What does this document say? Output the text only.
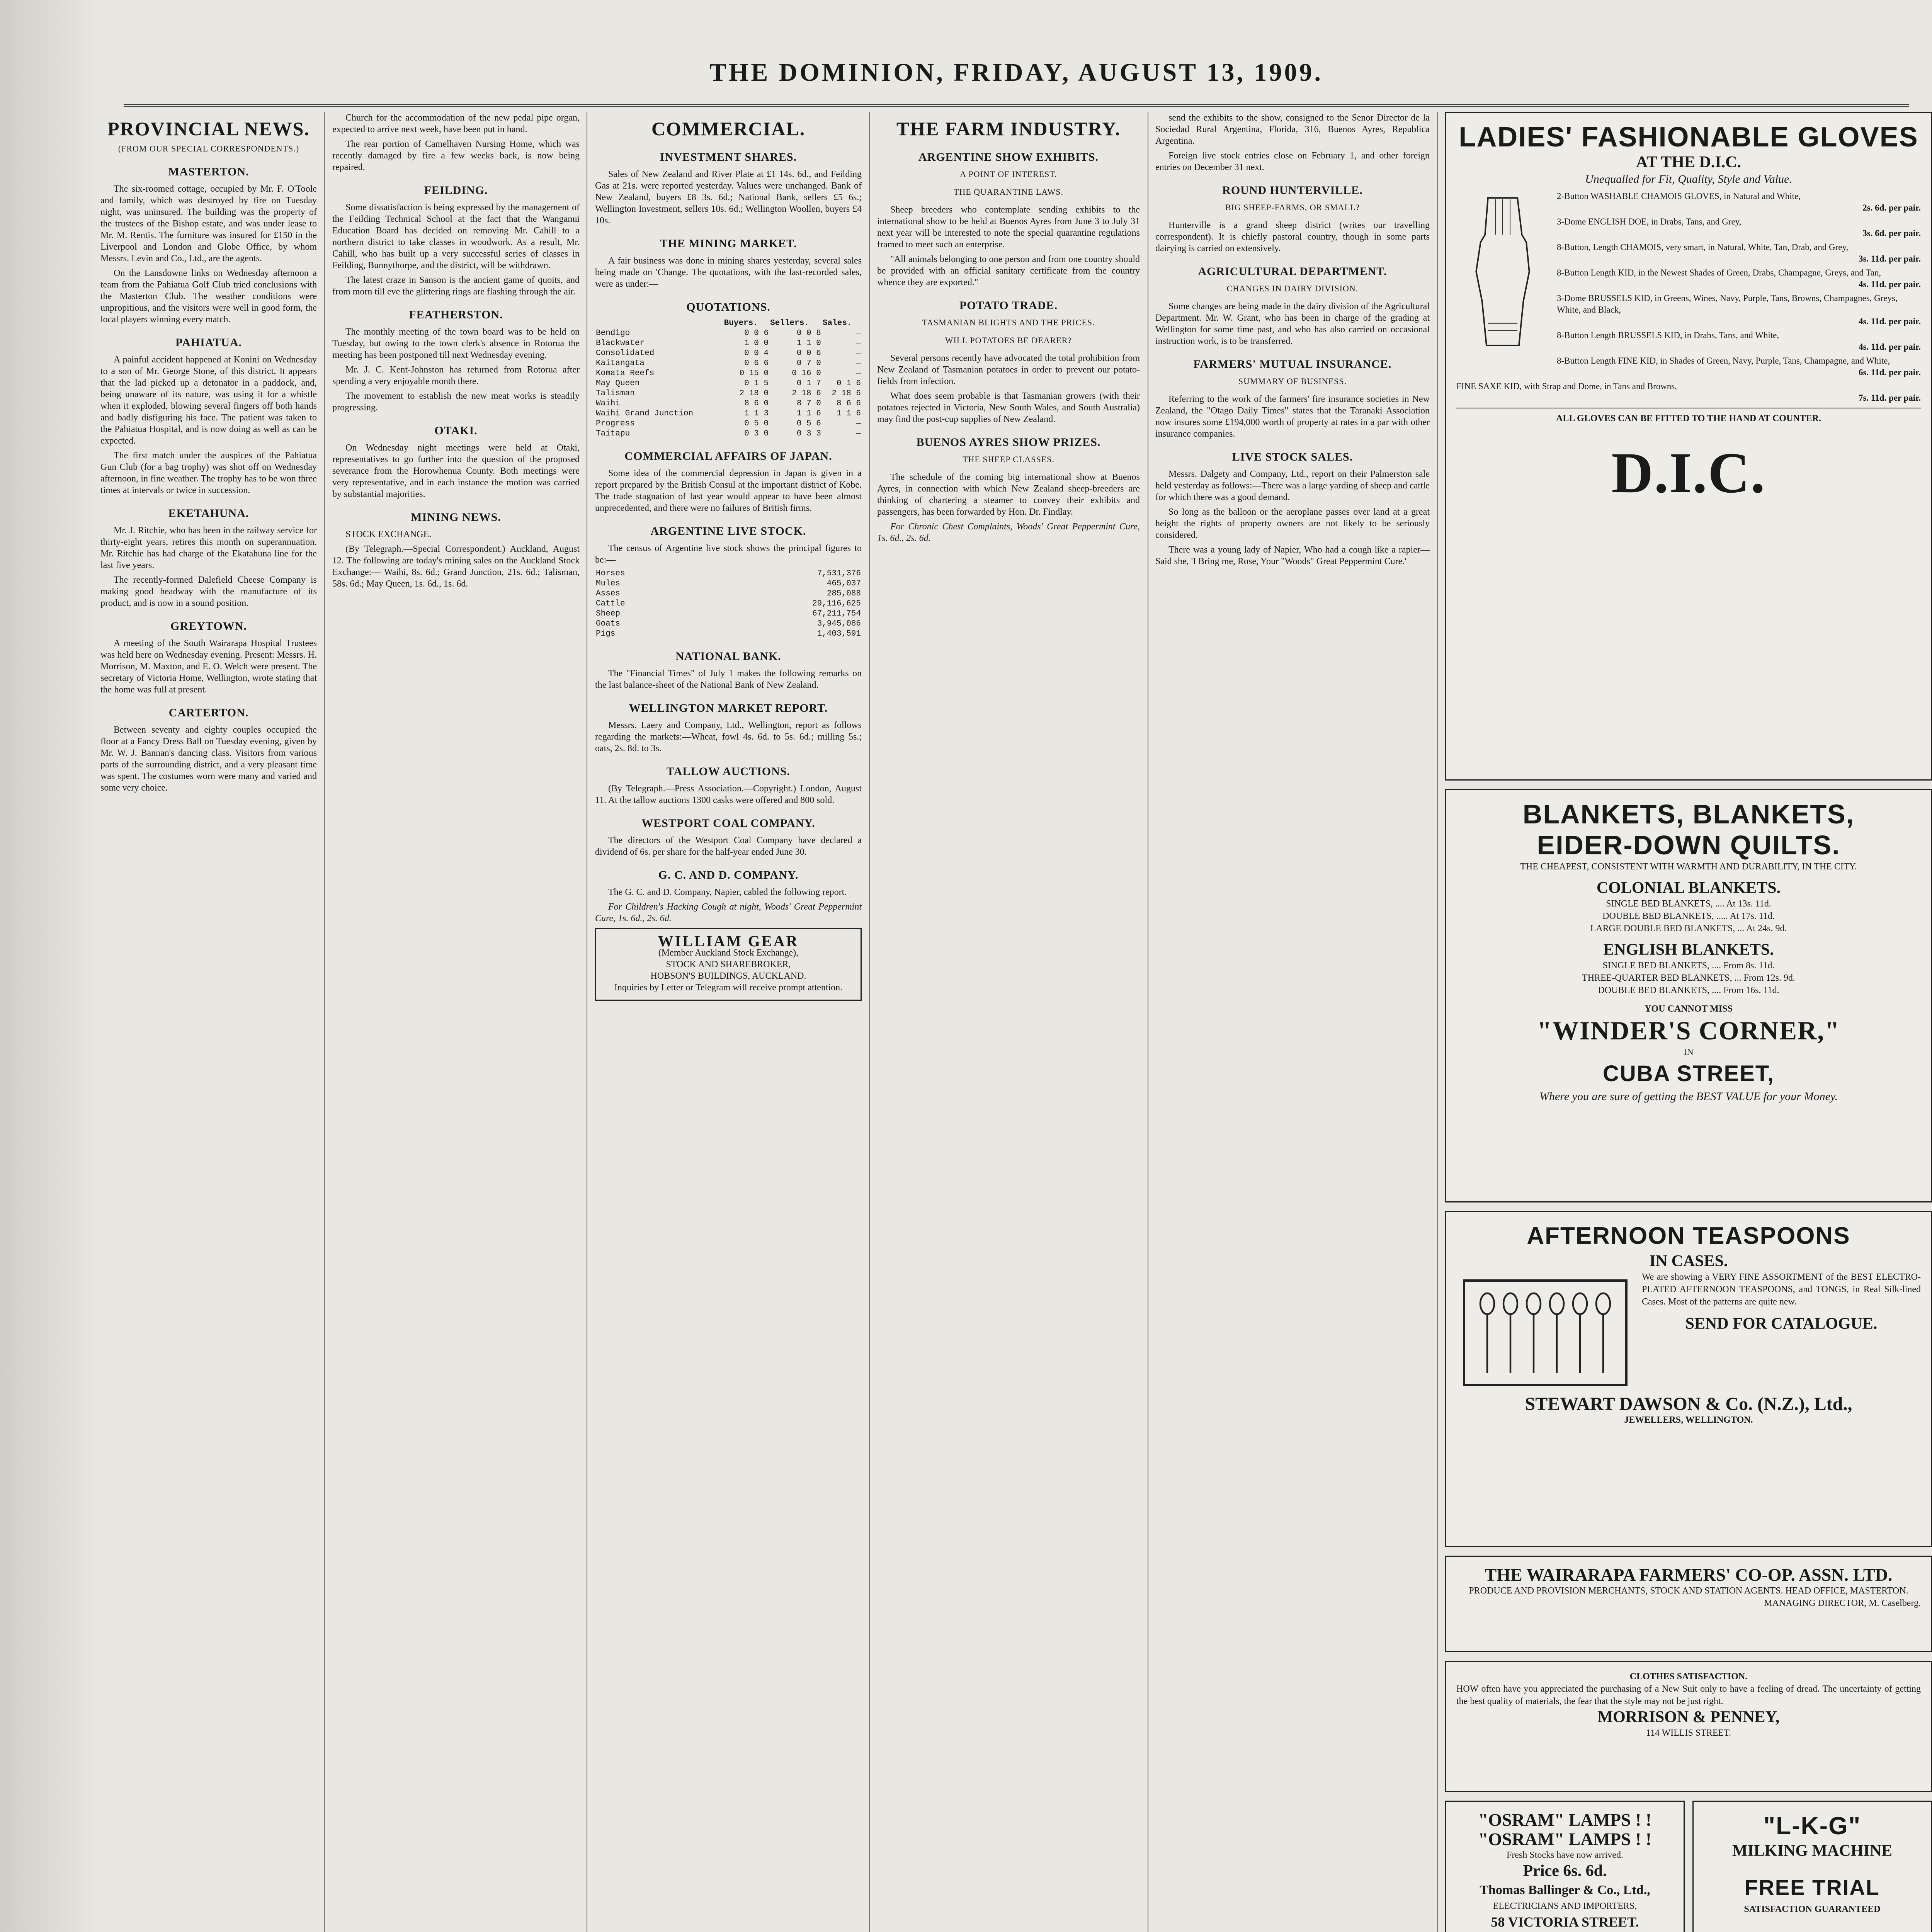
THE DOMINION, FRIDAY, AUGUST 13, 1909.
PROVINCIAL NEWS.
(FROM OUR SPECIAL CORRESPONDENTS.)
MASTERTON.

The six-roomed cottage, occupied by Mr. F. O'Toole and family, which was destroyed by fire on Tuesday night, was uninsured. The building was the property of the trustees of the Bishop estate, and was under lease to Mr. M. Rentis. The furniture was insured for £150 in the Liverpool and London and Globe Office, by whom Messrs. Levin and Co., Ltd., are the agents.

On the Lansdowne links on Wednesday afternoon a team from the Pahiatua Golf Club tried conclusions with the Masterton Club. The weather conditions were unpropitious, and the visitors were well in good form, the local players winning every match.

PAHIATUA.

A painful accident happened at Konini on Wednesday to a son of Mr. George Stone, of this district. It appears that the lad picked up a detonator in a paddock, and, being unaware of its nature, was using it for a whistle when it exploded, blowing several fingers off both hands and badly disfiguring his face. The patient was taken to the Pahiatua Hospital, and is now doing as well as can be expected.

The first match under the auspices of the Pahiatua Gun Club (for a bag trophy) was shot off on Wednesday afternoon, in fine weather. The trophy has to be won three times at intervals or twice in succession.

EKETAHUNA.

Mr. J. Ritchie, who has been in the railway service for thirty-eight years, retires this month on superannuation. Mr. Ritchie has had charge of the Ekatahuna line for the last five years.

The recently-formed Dalefield Cheese Company is making good headway with the manufacture of its product, and is now in a sound position.

GREYTOWN.

A meeting of the South Wairarapa Hospital Trustees was held here on Wednesday evening. Present: Messrs. H. Morrison, M. Maxton, and E. O. Welch were present. The secretary of Victoria Home, Wellington, wrote stating that the home was full at present.

CARTERTON.

Between seventy and eighty couples occupied the floor at a Fancy Dress Ball on Tuesday evening, given by Mr. W. J. Bannan's dancing class. Visitors from various parts of the surrounding district, and a very pleasant time was spent. The costumes worn were many and varied and some very choice.

Church for the accommodation of the new pedal pipe organ, expected to arrive next week, have been put in hand.

The rear portion of Camelhaven Nursing Home, which was recently damaged by fire a few weeks back, is now being repaired.

FEILDING.

Some dissatisfaction is being expressed by the management of the Feilding Technical School at the fact that the Wanganui Education Board has decided on removing Mr. Cahill to a northern district to take classes in woodwork. As a result, Mr. Cahill, who has built up a very successful series of classes in Feilding, Bunnythorpe, and the district, will be withdrawn.

The latest craze in Sanson is the ancient game of quoits, and from morn till eve the glittering rings are flashing through the air.

FEATHERSTON.

The monthly meeting of the town board was to be held on Tuesday, but owing to the town clerk's absence in Rotorua the meeting has been postponed till next Wednesday evening.

Mr. J. C. Kent-Johnston has returned from Rotorua after spending a very enjoyable month there.

The movement to establish the new meat works is steadily progressing.

OTAKI.

On Wednesday night meetings were held at Otaki, representatives to go further into the question of the proposed severance from the Horowhenua County. Both meetings were very representative, and in each instance the motion was carried by substantial majorities.

MINING NEWS.

STOCK EXCHANGE.

(By Telegraph.—Special Correspondent.) Auckland, August 12. The following are today's mining sales on the Auckland Stock Exchange:— Waihi, 8s. 6d.; Grand Junction, 21s. 6d.; Talisman, 58s. 6d.; May Queen, 1s. 6d., 1s. 6d.

COMMERCIAL.
INVESTMENT SHARES.

Sales of New Zealand and River Plate at £1 14s. 6d., and Feilding Gas at 21s. were reported yesterday. Values were unchanged. Bank of New Zealand, buyers £8 3s. 6d.; National Bank, sellers £5 6s.; Wellington Investment, sellers 10s. 6d.; Wellington Woollen, buyers £4 10s.

THE MINING MARKET.

A fair business was done in mining shares yesterday, several sales being made on 'Change. The quotations, with the last-recorded sales, were as under:—

QUOTATIONS.
	Buyers.	Sellers.	Sales.
Bendigo	0 0 6	0 0 8	—
Blackwater	1 0 0	1 1 0	—
Consolidated	0 0 4	0 0 6	—
Kaitangata	0 6 6	0 7 0	—
Komata Reefs	0 15 0	0 16 0	—
May Queen	0 1 5	0 1 7	0 1 6
Talisman	2 18 0	2 18 6	2 18 6
Waihi	8 6 0	8 7 0	8 6 6
Waihi Grand Junction	1 1 3	1 1 6	1 1 6
Progress	0 5 0	0 5 6	—
Taitapu	0 3 0	0 3 3	—
COMMERCIAL AFFAIRS OF JAPAN.

Some idea of the commercial depression in Japan is given in a report prepared by the British Consul at the important district of Kobe. The trade stagnation of last year would appear to have been almost unprecedented, and there were no failures of British firms.

ARGENTINE LIVE STOCK.

The census of Argentine live stock shows the principal figures to be:—

Horses	7,531,376
Mules	465,037
Asses	285,088
Cattle	29,116,625
Sheep	67,211,754
Goats	3,945,086
Pigs	1,403,591
NATIONAL BANK.

The "Financial Times" of July 1 makes the following remarks on the last balance-sheet of the National Bank of New Zealand.

WELLINGTON MARKET REPORT.

Messrs. Laery and Company, Ltd., Wellington, report as follows regarding the markets:—Wheat, fowl 4s. 6d. to 5s. 6d.; milling 5s.; oats, 2s. 8d. to 3s.

TALLOW AUCTIONS.

(By Telegraph.—Press Association.—Copyright.) London, August 11. At the tallow auctions 1300 casks were offered and 800 sold.

WESTPORT COAL COMPANY.

The directors of the Westport Coal Company have declared a dividend of 6s. per share for the half-year ended June 30.

G. C. AND D. COMPANY.

The G. C. and D. Company, Napier, cabled the following report.

For Children's Hacking Cough at night, Woods' Great Peppermint Cure, 1s. 6d., 2s. 6d.

WILLIAM GEAR
(Member Auckland Stock Exchange),
STOCK AND SHAREBROKER,
HOBSON'S BUILDINGS, AUCKLAND.
Inquiries by Letter or Telegram will receive prompt attention.
THE FARM INDUSTRY.
ARGENTINE SHOW EXHIBITS.
A POINT OF INTEREST.
THE QUARANTINE LAWS.

Sheep breeders who contemplate sending exhibits to the international show to be held at Buenos Ayres from June 3 to July 31 next year will be interested to note the special quarantine regulations framed to meet such an enterprise.

"All animals belonging to one person and from one country should be provided with an official sanitary certificate from the country whence they are exported."

POTATO TRADE.
TASMANIAN BLIGHTS AND THE PRICES.
WILL POTATOES BE DEARER?

Several persons recently have advocated the total prohibition from New Zealand of Tasmanian potatoes in order to prevent our potato-fields from infection.

What does seem probable is that Tasmanian growers (with their potatoes rejected in Victoria, New South Wales, and South Australia) may find the post-cup supplies of New Zealand.

BUENOS AYRES SHOW PRIZES.
THE SHEEP CLASSES.

The schedule of the coming big international show at Buenos Ayres, in connection with which New Zealand sheep-breeders are thinking of chartering a steamer to convey their exhibits and passengers, has been forwarded by Hon. Dr. Findlay.

For Chronic Chest Complaints, Woods' Great Peppermint Cure, 1s. 6d., 2s. 6d.

send the exhibits to the show, consigned to the Senor Director de la Sociedad Rural Argentina, Florida, 316, Buenos Ayres, Republica Argentina.

Foreign live stock entries close on February 1, and other foreign entries on December 31 next.

ROUND HUNTERVILLE.
BIG SHEEP-FARMS, OR SMALL?

Hunterville is a grand sheep district (writes our travelling correspondent). It is chiefly pastoral country, though in some parts dairying is carried on extensively.

AGRICULTURAL DEPARTMENT.
CHANGES IN DAIRY DIVISION.

Some changes are being made in the dairy division of the Agricultural Department. Mr. W. Grant, who has been in charge of the grading at Wellington for some time past, and who has also carried on occasional instruction work, is to be transferred.

FARMERS' MUTUAL INSURANCE.
SUMMARY OF BUSINESS.

Referring to the work of the farmers' fire insurance societies in New Zealand, the "Otago Daily Times" states that the Taranaki Association now insures some £194,000 worth of property at rates in a par with other insurance companies.

LIVE STOCK SALES.

Messrs. Dalgety and Company, Ltd., report on their Palmerston sale held yesterday as follows:—There was a large yarding of sheep and cattle for which there was a good demand.

So long as the balloon or the aeroplane passes over land at a great height the rights of property owners are not likely to be seriously considered.

There was a young lady of Napier, Who had a cough like a rapier— Said she, 'I Bring me, Rose, Your "Woods" Great Peppermint Cure.'

LADIES' FASHIONABLE GLOVES
AT THE D.I.C.
Unequalled for Fit, Quality, Style and Value.
2-Button WASHABLE CHAMOIS GLOVES, in Natural and White,
2s. 6d. per pair.
3-Dome ENGLISH DOE, in Drabs, Tans, and Grey,
3s. 6d. per pair.
8-Button, Length CHAMOIS, very smart, in Natural, White, Tan, Drab, and Grey,
3s. 11d. per pair.
8-Button Length KID, in the Newest Shades of Green, Drabs, Champagne, Greys, and Tan,
4s. 11d. per pair.
3-Dome BRUSSELS KID, in Greens, Wines, Navy, Purple, Tans, Browns, Champagnes, Greys, White, and Black,
4s. 11d. per pair.
8-Button Length BRUSSELS KID, in Drabs, Tans, and White,
4s. 11d. per pair.
8-Button Length FINE KID, in Shades of Green, Navy, Purple, Tans, Champagne, and White,
6s. 11d. per pair.
FINE SAXE KID, with Strap and Dome, in Tans and Browns,
7s. 11d. per pair.
ALL GLOVES CAN BE FITTED TO THE HAND AT COUNTER.
D.I.C.
BLANKETS, BLANKETS,
EIDER-DOWN QUILTS.
THE CHEAPEST, CONSISTENT WITH WARMTH AND DURABILITY, IN THE CITY.
COLONIAL BLANKETS.
SINGLE BED BLANKETS, .... At 13s. 11d.
DOUBLE BED BLANKETS, ..... At 17s. 11d.
LARGE DOUBLE BED BLANKETS, ... At 24s. 9d.
ENGLISH BLANKETS.
SINGLE BED BLANKETS, .... From 8s. 11d.
THREE-QUARTER BED BLANKETS, ... From 12s. 9d.
DOUBLE BED BLANKETS, .... From 16s. 11d.
YOU CANNOT MISS
"WINDER'S CORNER,"
IN
CUBA STREET,
Where you are sure of getting the BEST VALUE for your Money.
AFTERNOON TEASPOONS
IN CASES.
We are showing a VERY FINE ASSORTMENT of the BEST ELECTRO-PLATED AFTERNOON TEASPOONS, and TONGS, in Real Silk-lined Cases. Most of the patterns are quite new.
SEND FOR CATALOGUE.
STEWART DAWSON & Co. (N.Z.), Ltd.,
JEWELLERS, WELLINGTON.
THE WAIRARAPA FARMERS' CO-OP. ASSN. LTD.
PRODUCE AND PROVISION MERCHANTS, STOCK AND STATION AGENTS. HEAD OFFICE, MASTERTON.
MANAGING DIRECTOR, M. Caselberg.
CLOTHES SATISFACTION.
HOW often have you appreciated the purchasing of a New Suit only to have a feeling of dread. The uncertainty of getting the best quality of materials, the fear that the style may not be just right.
MORRISON & PENNEY,
114 WILLIS STREET.
"OSRAM" LAMPS ! !
"OSRAM" LAMPS ! !
Fresh Stocks have now arrived.
Price 6s. 6d.
Thomas Ballinger & Co., Ltd.,
ELECTRICIANS AND IMPORTERS,
58 VICTORIA STREET.
"L-K-G"
MILKING MACHINE
FREE TRIAL
SATISFACTION GUARANTEED
